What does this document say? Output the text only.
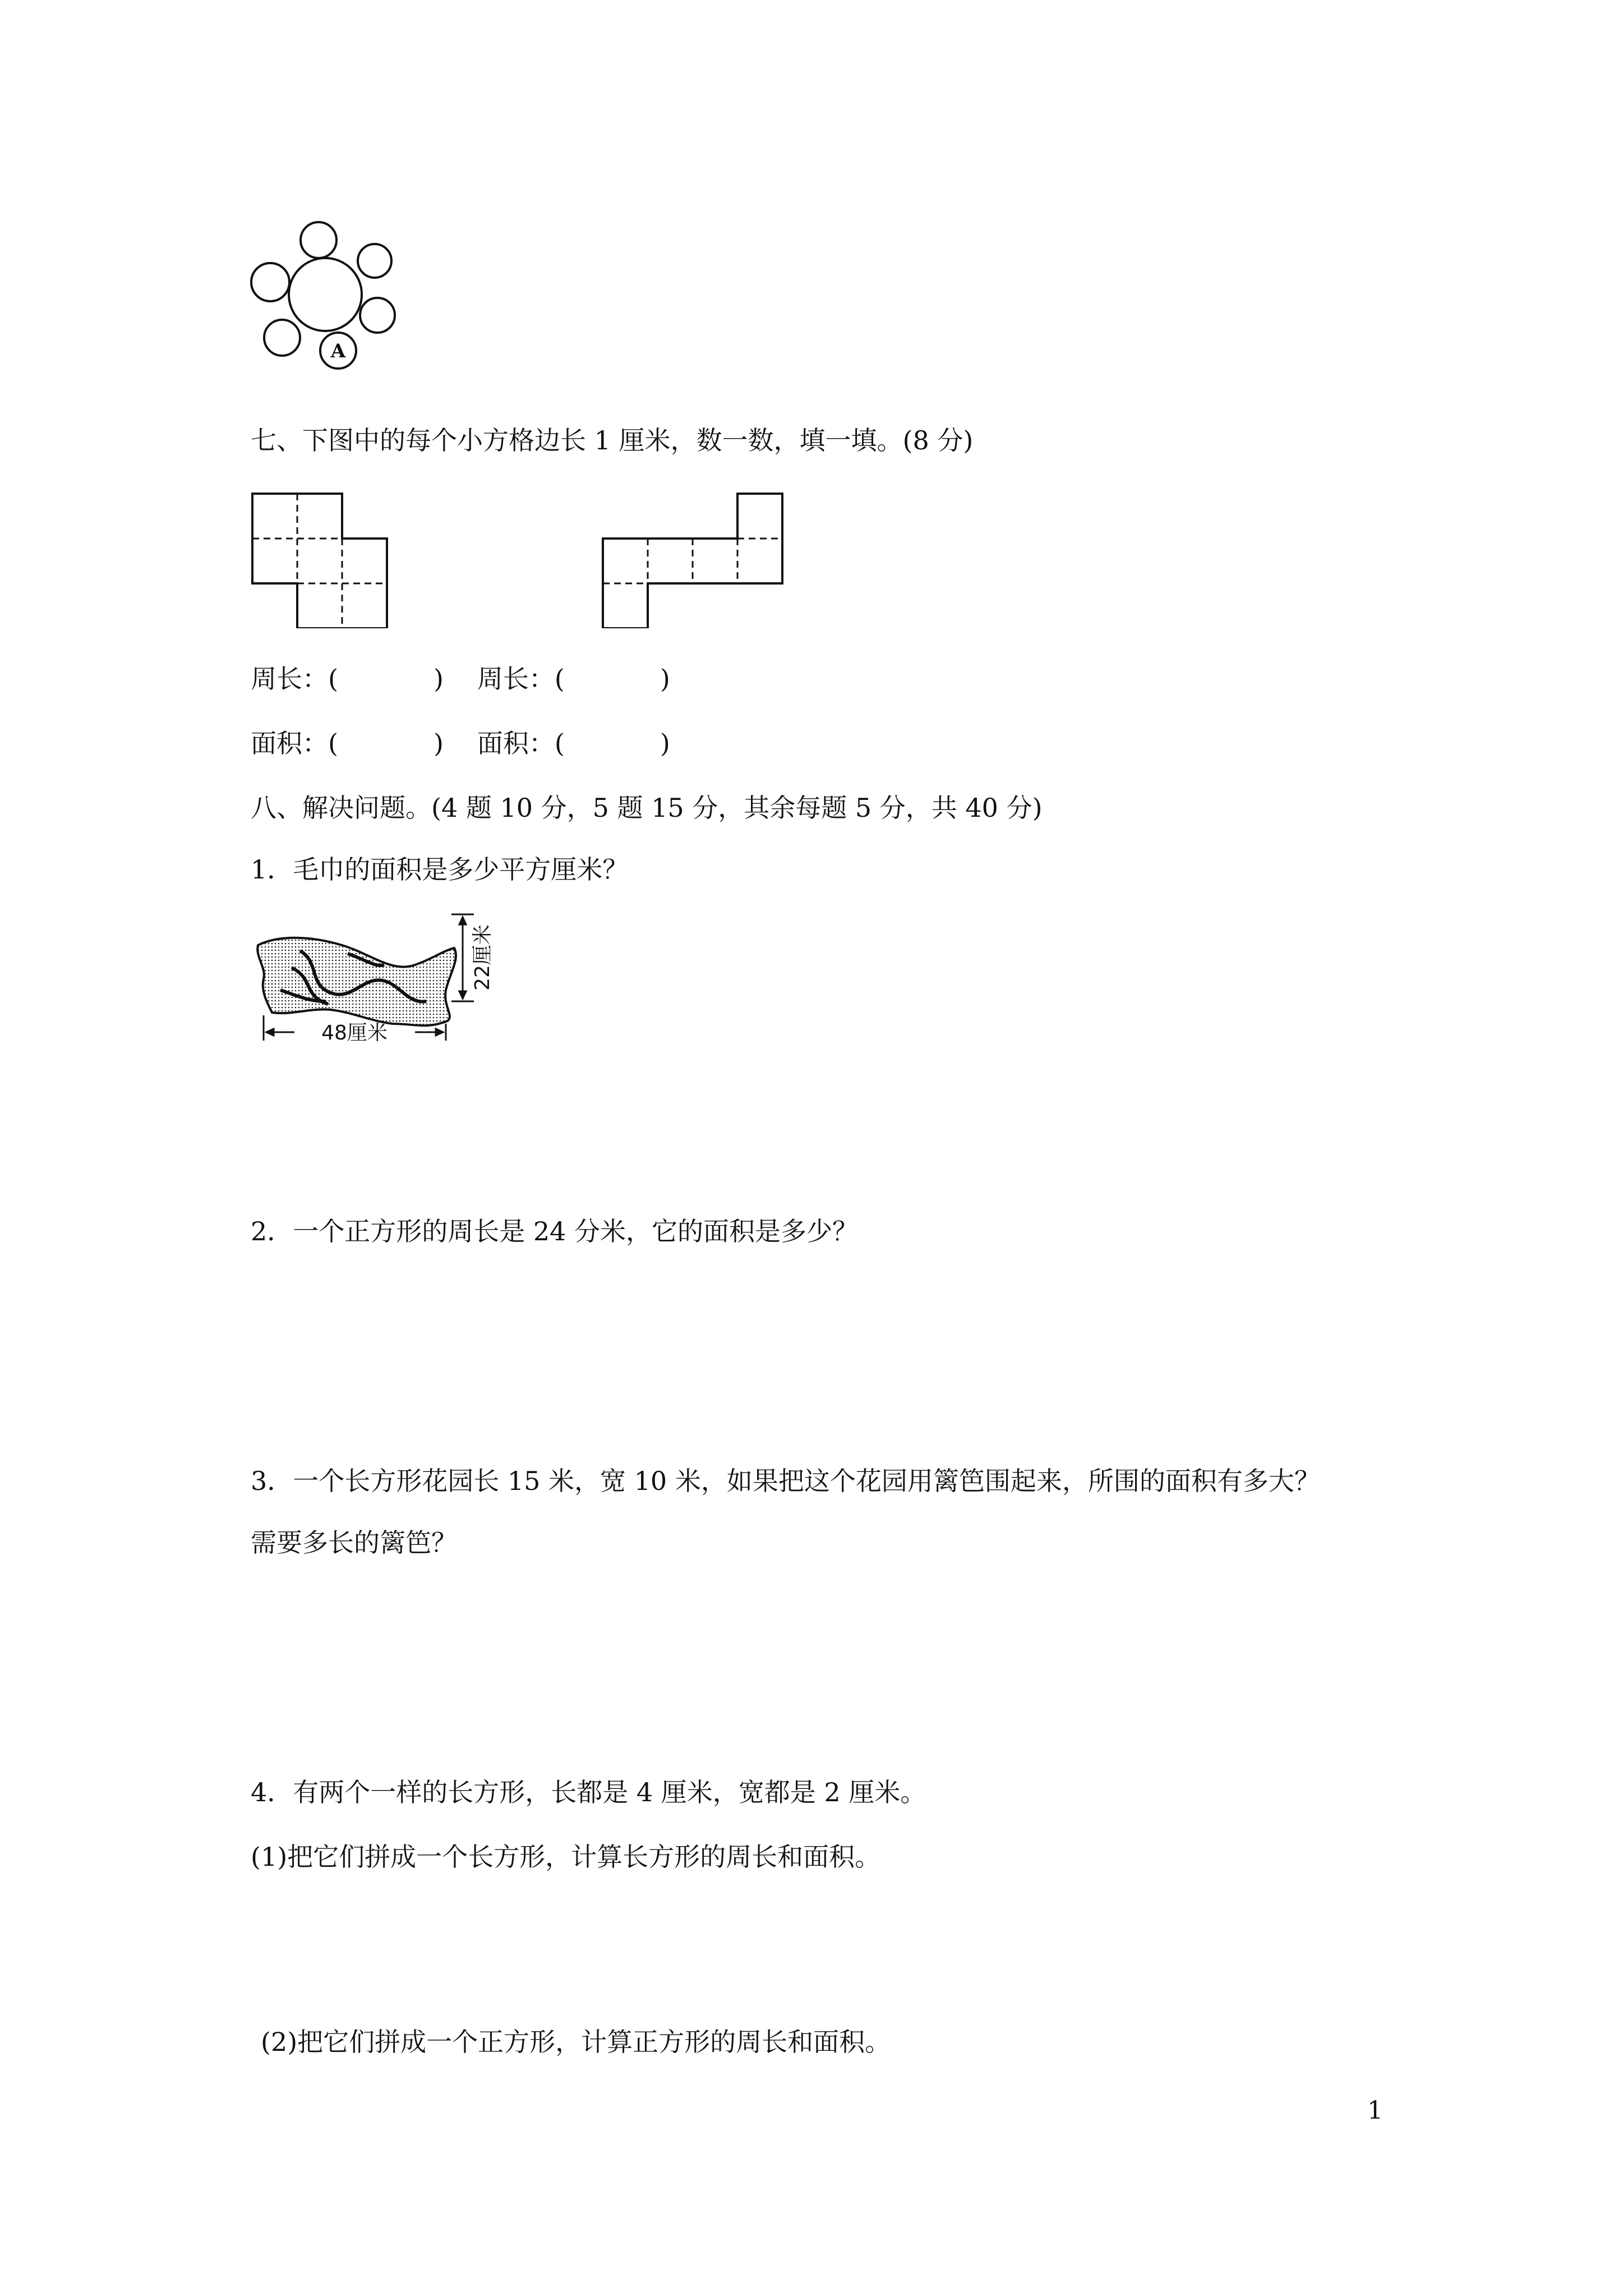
A

七、下图中的每个小方格边长 1 厘米，数一数，填一填。(8 分)

周长：(	) 周长：(	)

面积：(	) 面积：(	)

八、解决问题。(4 题 10 分，5 题 15 分，其余每题 5 分，共 40 分)

1．毛巾的面积是多少平方厘米？

48厘米
22厘米

2．一个正方形的周长是 24 分米，它的面积是多少？

3．一个长方形花园长 15 米，宽 10 米，如果把这个花园用篱笆围起来，所围的面积有多大？

需要多长的篱笆？

4．有两个一样的长方形，长都是 4 厘米，宽都是 2 厘米。

(1)把它们拼成一个长方形，计算长方形的周长和面积。

(2)把它们拼成一个正方形，计算正方形的周长和面积。

1
